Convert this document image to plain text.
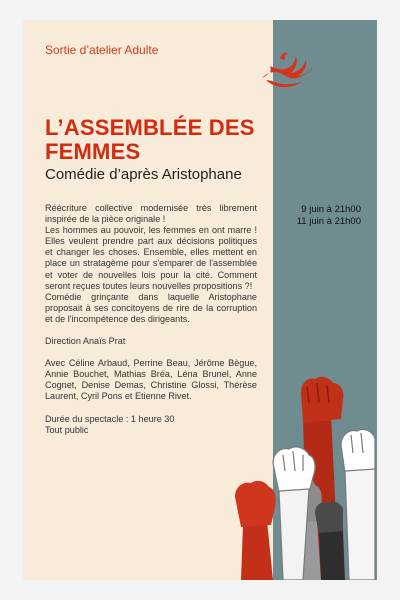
Sortie d’atelier Adulte
L’ASSEMBLÉE DES FEMMES
Comédie d’après Aristophane
9 juin à 21h00
11 juin à 21h00

Réécriture collective modernisée très librement inspirée de la pièce originale !

Les hommes au pouvoir, les femmes en ont marre ! Elles veulent prendre part aux décisions politiques et changer les choses. Ensemble, elles mettent en place un stratagème pour s'emparer de l'assemblée et voter de nouvelles lois pour la cité. Comment seront reçues toutes leurs nouvelles propositions ?!

Comédie grinçante dans laquelle Aristophane proposait à ses concitoyens de rire de la corruption et de l'incompétence des dirigeants.

Direction Anaïs Prat

Avec Céline Arbaud, Perrine Beau, Jérôme Bègue, Annie Bouchet, Mathias Bréa, Léna Brunel, Anne Cognet, Denise Demas, Christine Glossi, Thérèse Laurent, Cyril Pons et Etienne Rivet.

Durée du spectacle : 1 heure 30

Tout public
